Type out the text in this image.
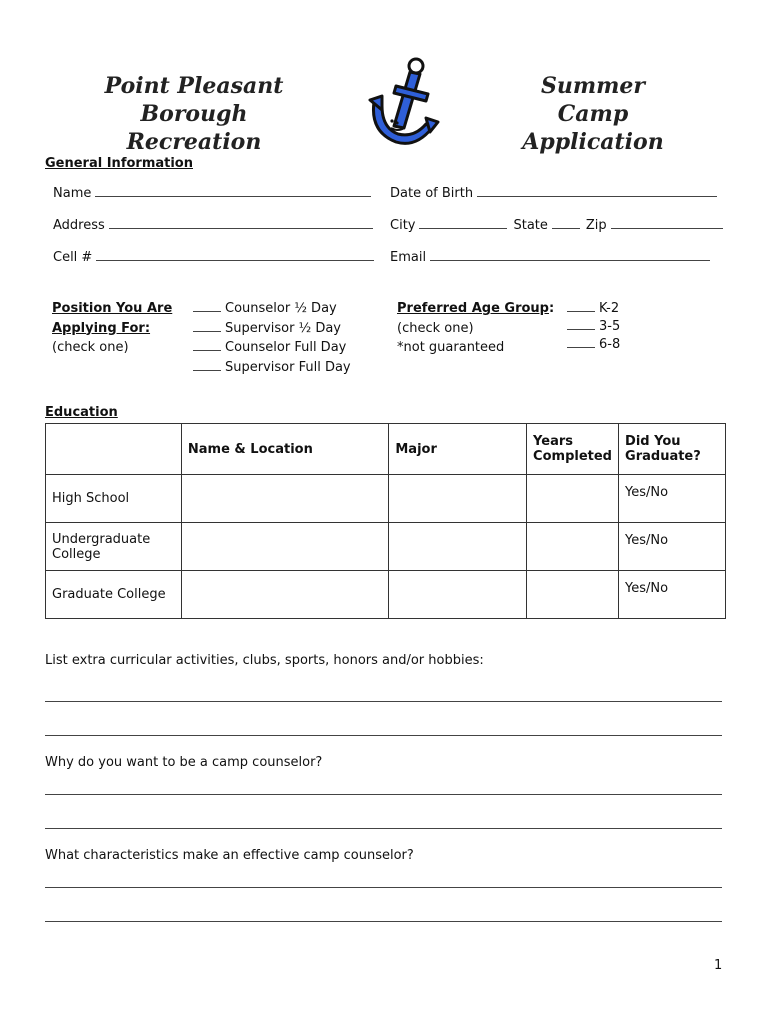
Point Pleasant Borough
Recreation
Summer Camp
Application
General Information
Name	Date of Birth
Address	City	State	Zip
Cell #	Email
Position You Are
Applying For:
(check one)
Counselor ½ Day
Supervisor ½ Day
Counselor Full Day
Supervisor Full Day
Preferred Age Group:
(check one)
*not guaranteed
K-2
3-5
6-8
Education
	Name & Location	Major	Years Completed	Did You Graduate?
High School				Yes/No
Undergraduate College				Yes/No
Graduate College				Yes/No
List extra curricular activities, clubs, sports, honors and/or hobbies:
Why do you want to be a camp counselor?
What characteristics make an effective camp counselor?
1
